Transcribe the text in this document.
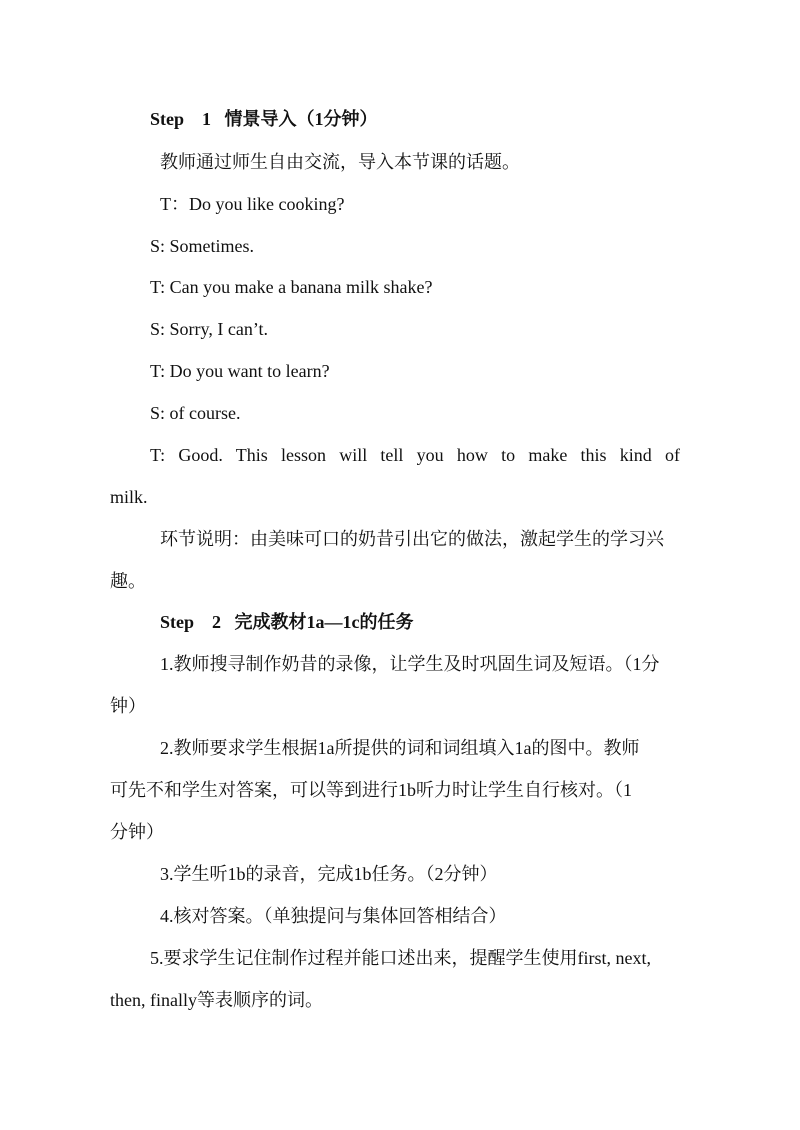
Step    1   情景导入（1分钟）
教师通过师生自由交流，导入本节课的话题。
T：Do you like cooking?
S: Sometimes.
T: Can you make a banana milk shake?
S: Sorry, I can’t.
T: Do you want to learn?
S: of course.
T: Good. This lesson will tell you how to make this kind of
milk.
环节说明：由美味可口的奶昔引出它的做法，激起学生的学习兴
趣。
Step    2   完成教材1a—1c的任务
1.教师搜寻制作奶昔的录像，让学生及时巩固生词及短语。（1分
钟）
2.教师要求学生根据1a所提供的词和词组填入1a的图中。教师
可先不和学生对答案，可以等到进行1b听力时让学生自行核对。（1
分钟）
3.学生听1b的录音，完成1b任务。（2分钟）
4.核对答案。（单独提问与集体回答相结合）
5.要求学生记住制作过程并能口述出来，提醒学生使用first, next,
then, finally等表顺序的词。
